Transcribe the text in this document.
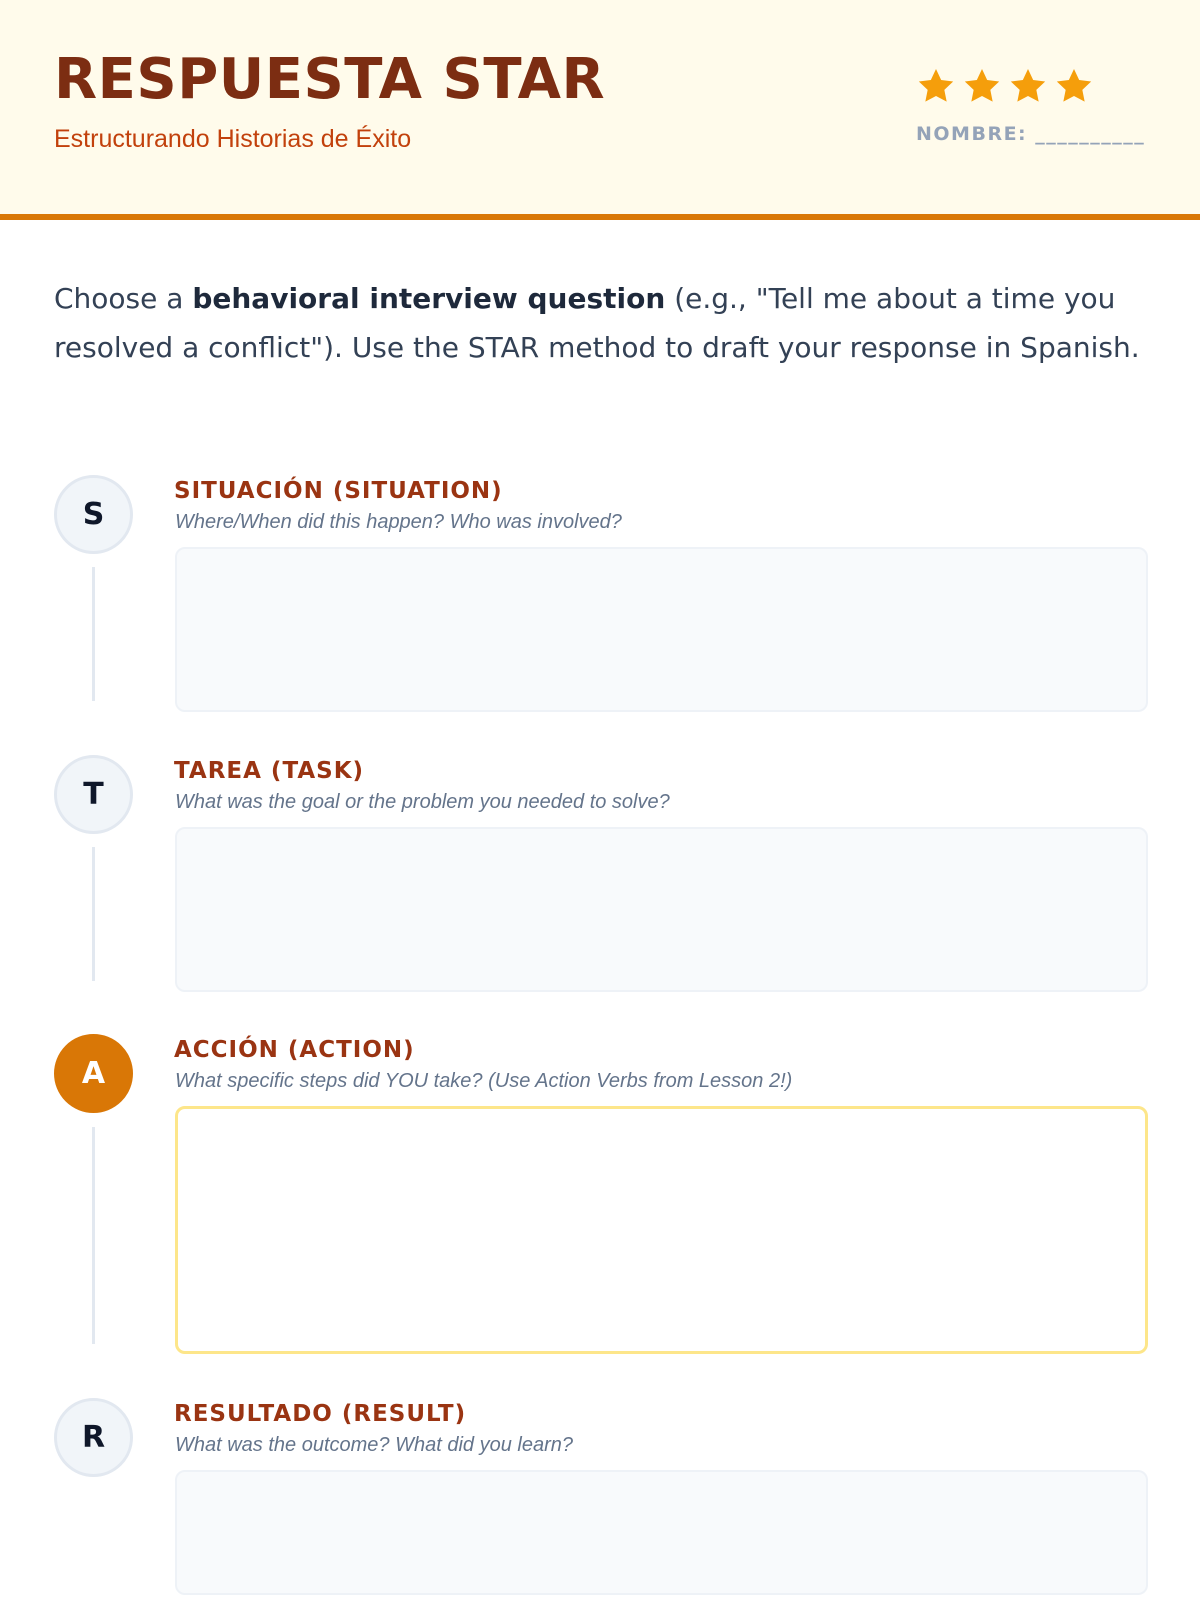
RESPUESTA STAR
Estructurando Historias de Éxito	NOMBRE: __________

Choose a behavioral interview question (e.g., "Tell me about a time you resolved a conflict"). Use the STAR method to draft your response in Spanish.

S
SITUACIÓN (SITUATION)
Where/When did this happen? Who was involved?
T
TAREA (TASK)
What was the goal or the problem you needed to solve?
A
ACCIÓN (ACTION)
What specific steps did YOU take? (Use Action Verbs from Lesson 2!)
R
RESULTADO (RESULT)
What was the outcome? What did you learn?
